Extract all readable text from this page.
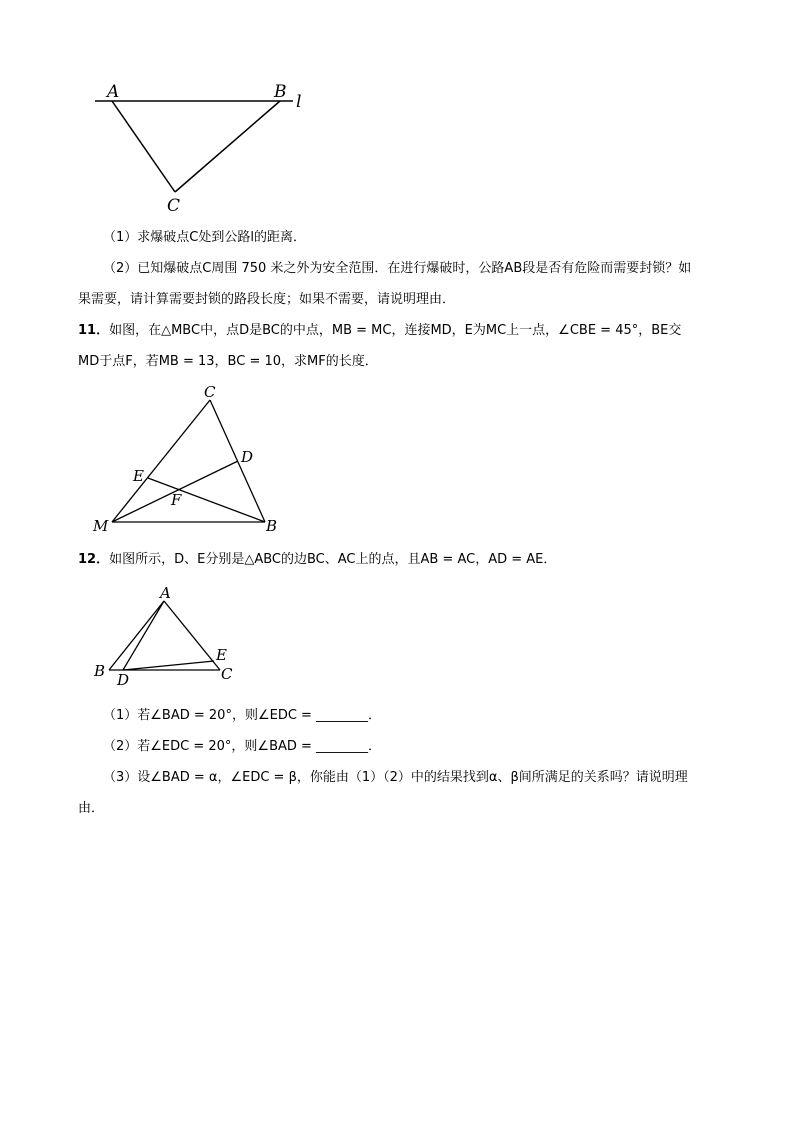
A	B l
C
（1）求爆破点C处到公路l的距离．
（2）已知爆破点C周围 750 米之外为安全范围．在进行爆破时，公路AB段是否有危险而需要封锁？如
果需要，请计算需要封锁的路段长度；如果不需要，请说明理由．
11．如图，在△MBC中，点D是BC的中点，MB = MC，连接MD，E为MC上一点，∠CBE = 45°，BE交
MD于点F，若MB = 13，BC = 10，求MF的长度．
C
D
E
F
M	B
12．如图所示，D、E分别是△ABC的边BC、AC上的点，且AB = AC，AD = AE．
A
B	C
D
E
（1）若∠BAD = 20°，则∠EDC = ________．
（2）若∠EDC = 20°，则∠BAD = ________．
（3）设∠BAD = α，∠EDC = β，你能由（1）（2）中的结果找到α、β间所满足的关系吗？请说明理
由．
